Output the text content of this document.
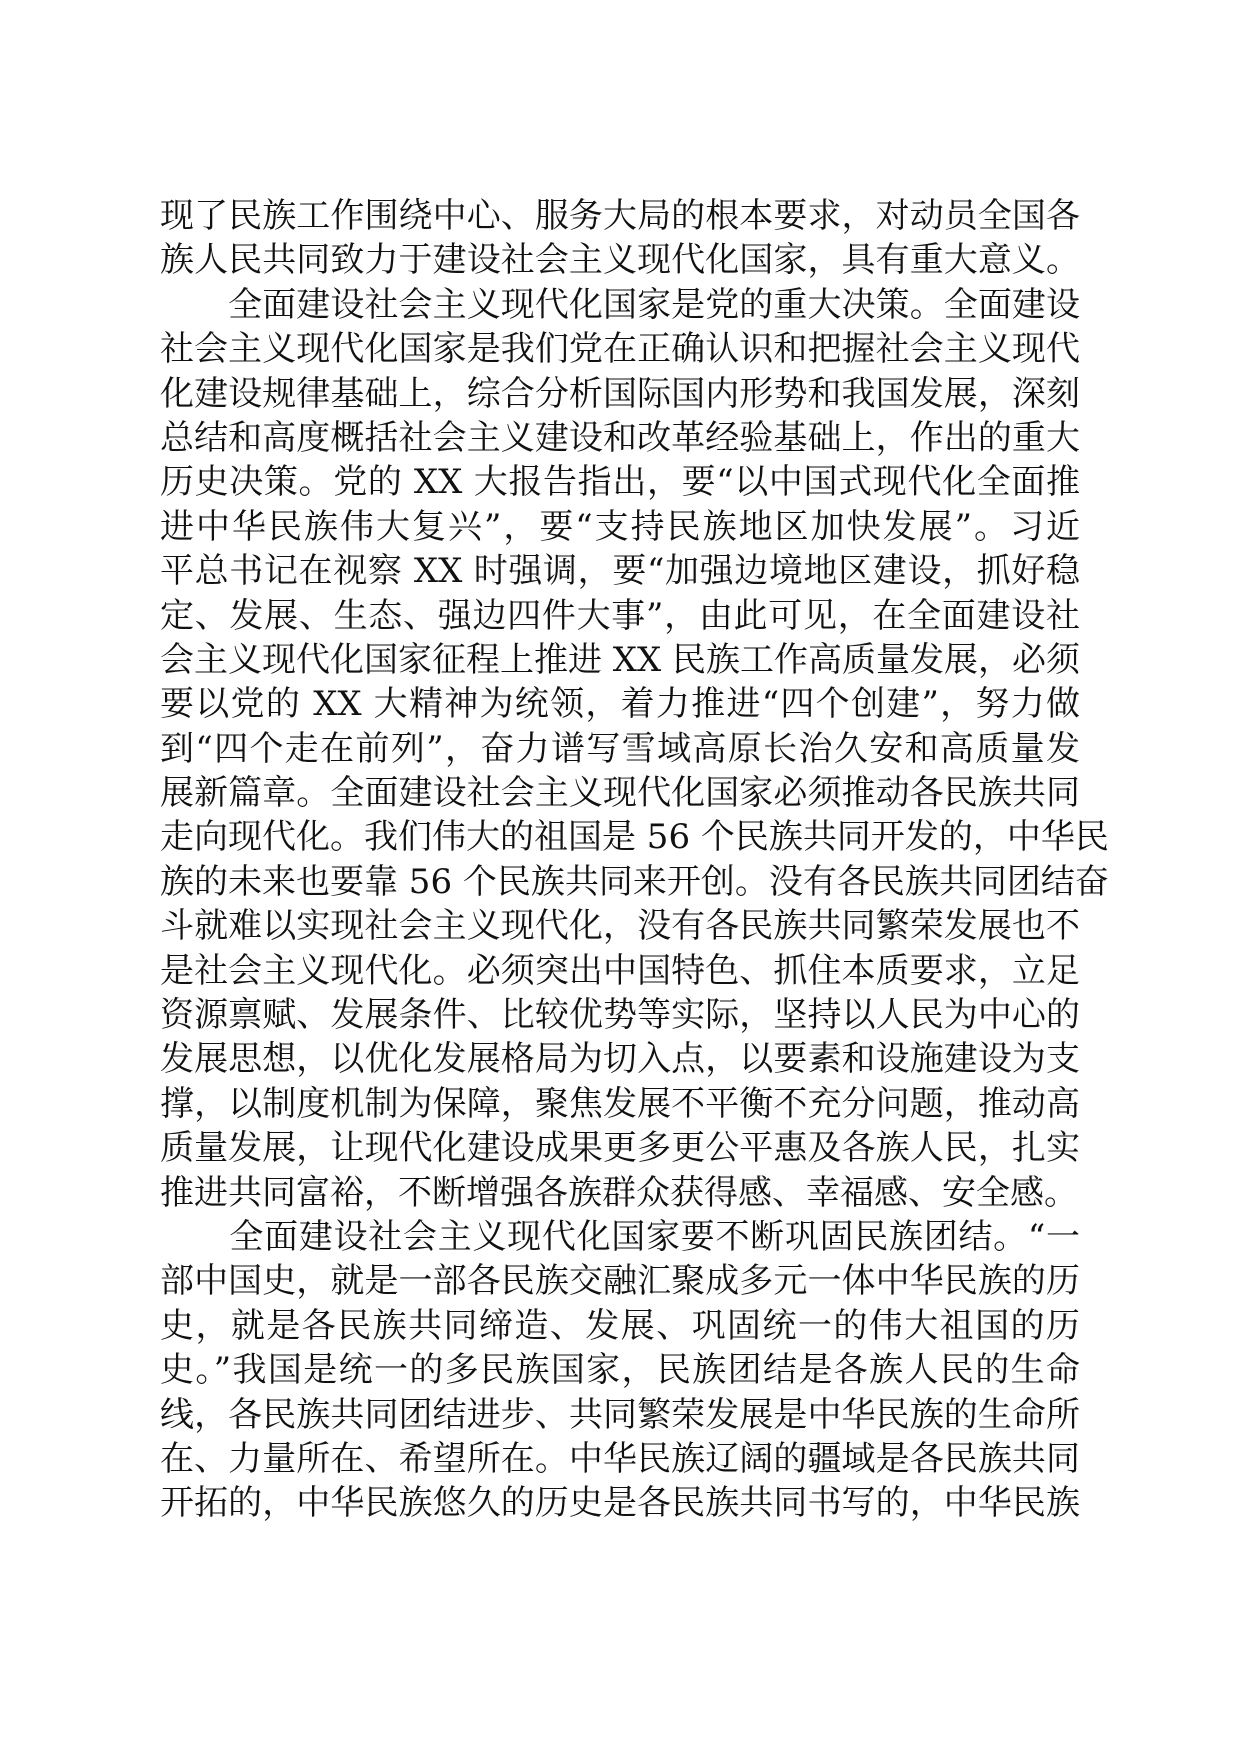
现了民族工作围绕中心、服务大局的根本要求，对动员全国各
族人民共同致力于建设社会主义现代化国家，具有重大意义。
　　全面建设社会主义现代化国家是党的重大决策。全面建设
社会主义现代化国家是我们党在正确认识和把握社会主义现代
化建设规律基础上，综合分析国际国内形势和我国发展，深刻
总结和高度概括社会主义建设和改革经验基础上，作出的重大
历史决策。党的 XX 大报告指出，要“以中国式现代化全面推
进中华民族伟大复兴”，要“支持民族地区加快发展”。习近
平总书记在视察 XX 时强调，要“加强边境地区建设，抓好稳
定、发展、生态、强边四件大事”，由此可见，在全面建设社
会主义现代化国家征程上推进 XX 民族工作高质量发展，必须
要以党的 XX 大精神为统领，着力推进“四个创建”，努力做
到“四个走在前列”，奋力谱写雪域高原长治久安和高质量发
展新篇章。全面建设社会主义现代化国家必须推动各民族共同
走向现代化。我们伟大的祖国是 56 个民族共同开发的，中华民
族的未来也要靠 56 个民族共同来开创。没有各民族共同团结奋
斗就难以实现社会主义现代化，没有各民族共同繁荣发展也不
是社会主义现代化。必须突出中国特色、抓住本质要求，立足
资源禀赋、发展条件、比较优势等实际，坚持以人民为中心的
发展思想，以优化发展格局为切入点，以要素和设施建设为支
撑，以制度机制为保障，聚焦发展不平衡不充分问题，推动高
质量发展，让现代化建设成果更多更公平惠及各族人民，扎实
推进共同富裕，不断增强各族群众获得感、幸福感、安全感。
　　全面建设社会主义现代化国家要不断巩固民族团结。“一
部中国史，就是一部各民族交融汇聚成多元一体中华民族的历
史，就是各民族共同缔造、发展、巩固统一的伟大祖国的历
史。”我国是统一的多民族国家，民族团结是各族人民的生命
线，各民族共同团结进步、共同繁荣发展是中华民族的生命所
在、力量所在、希望所在。中华民族辽阔的疆域是各民族共同
开拓的，中华民族悠久的历史是各民族共同书写的，中华民族
